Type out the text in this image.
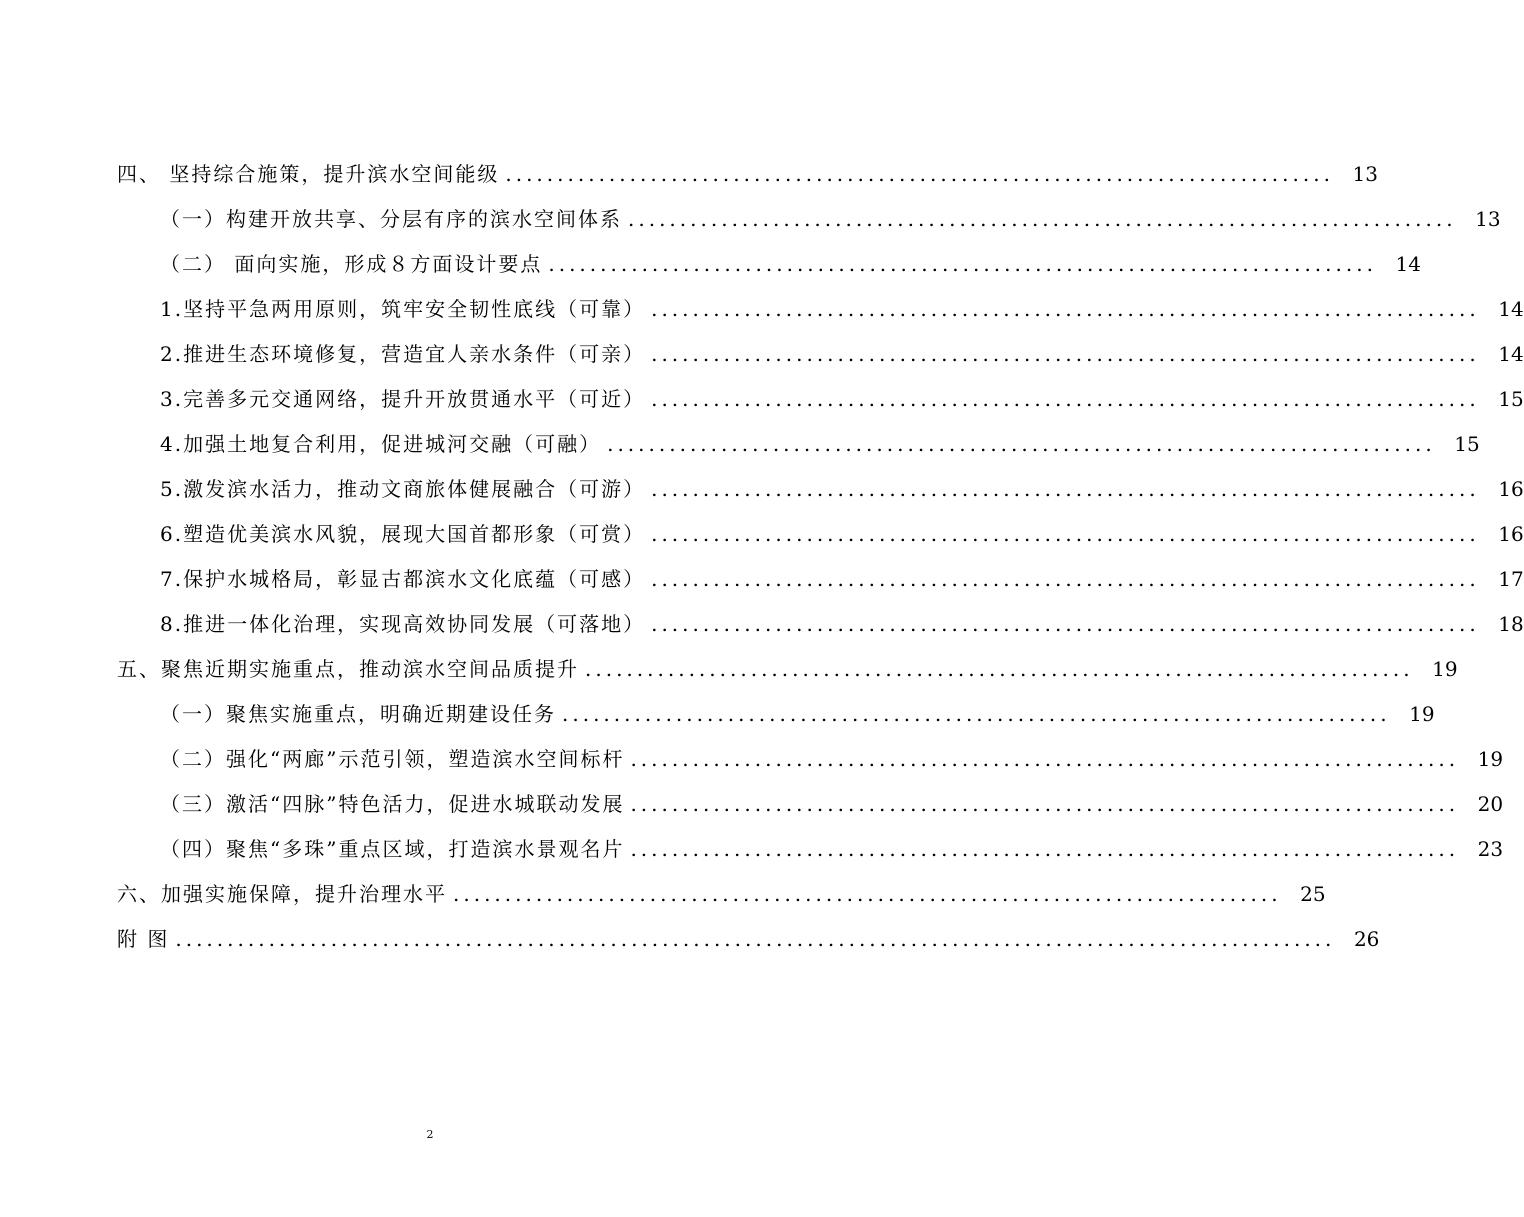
四、 坚持综合施策，提升滨水空间能级 ................................................................................ 13
（一）构建开放共享、分层有序的滨水空间体系 ................................................................................ 13
（二） 面向实施，形成８方面设计要点 ................................................................................ 14
1.坚持平急两用原则，筑牢安全韧性底线（可靠） ................................................................................ 14
2.推进生态环境修复，营造宜人亲水条件（可亲） ................................................................................ 14
3.完善多元交通网络，提升开放贯通水平（可近） ................................................................................ 15
4.加强土地复合利用，促进城河交融（可融） ................................................................................ 15
5.激发滨水活力，推动文商旅体健展融合（可游） ................................................................................ 16
6.塑造优美滨水风貌，展现大国首都形象（可赏） ................................................................................ 16
7.保护水城格局，彰显古都滨水文化底蕴（可感） ................................................................................ 17
8.推进一体化治理，实现高效协同发展（可落地） ................................................................................ 18
五、聚焦近期实施重点，推动滨水空间品质提升 ................................................................................ 19
（一）聚焦实施重点，明确近期建设任务 ................................................................................ 19
（二）强化“两廊”示范引领，塑造滨水空间标杆 ................................................................................ 19
（三）激活“四脉”特色活力，促进水城联动发展 ................................................................................ 20
（四）聚焦“多珠”重点区域，打造滨水景观名片 ................................................................................ 23
六、加强实施保障，提升治理水平 ................................................................................ 25
附 图 ................................................................................................................ 26
2
